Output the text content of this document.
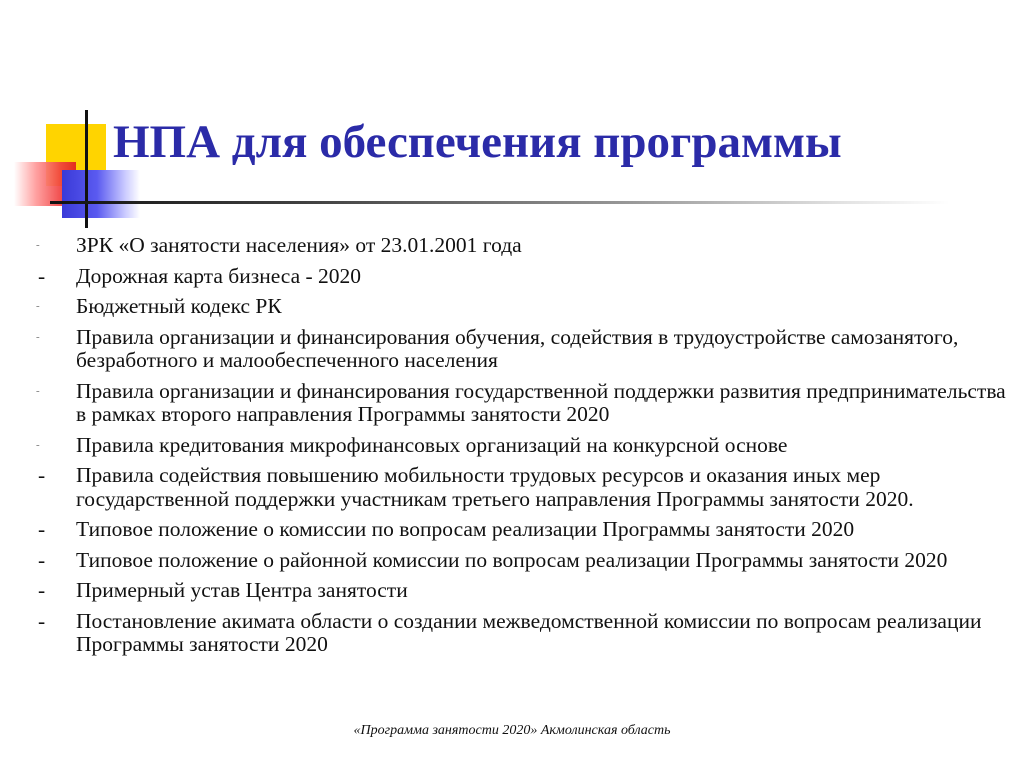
НПА для обеспечения программы
-	ЗРК «О занятости населения» от 23.01.2001 года
-	Дорожная карта бизнеса - 2020
-	Бюджетный кодекс РК
-	Правила организации и финансирования обучения, содействия в трудоустройстве самозанятого, безработного и малообеспеченного населения
-	Правила организации и финансирования государственной поддержки развития предпринимательства в рамках второго направления Программы занятости 2020
-	Правила кредитования микрофинансовых организаций на конкурсной основе
-	Правила содействия повышению мобильности трудовых ресурсов и оказания иных мер государственной поддержки участникам третьего направления Программы занятости 2020.
-	Типовое положение о комиссии по вопросам реализации Программы занятости 2020
-	Типовое положение о районной комиссии по вопросам реализации Программы занятости 2020
-	Примерный устав Центра занятости
-	Постановление акимата области о создании межведомственной комиссии по вопросам реализации Программы занятости 2020
«Программа занятости 2020» Акмолинская область
